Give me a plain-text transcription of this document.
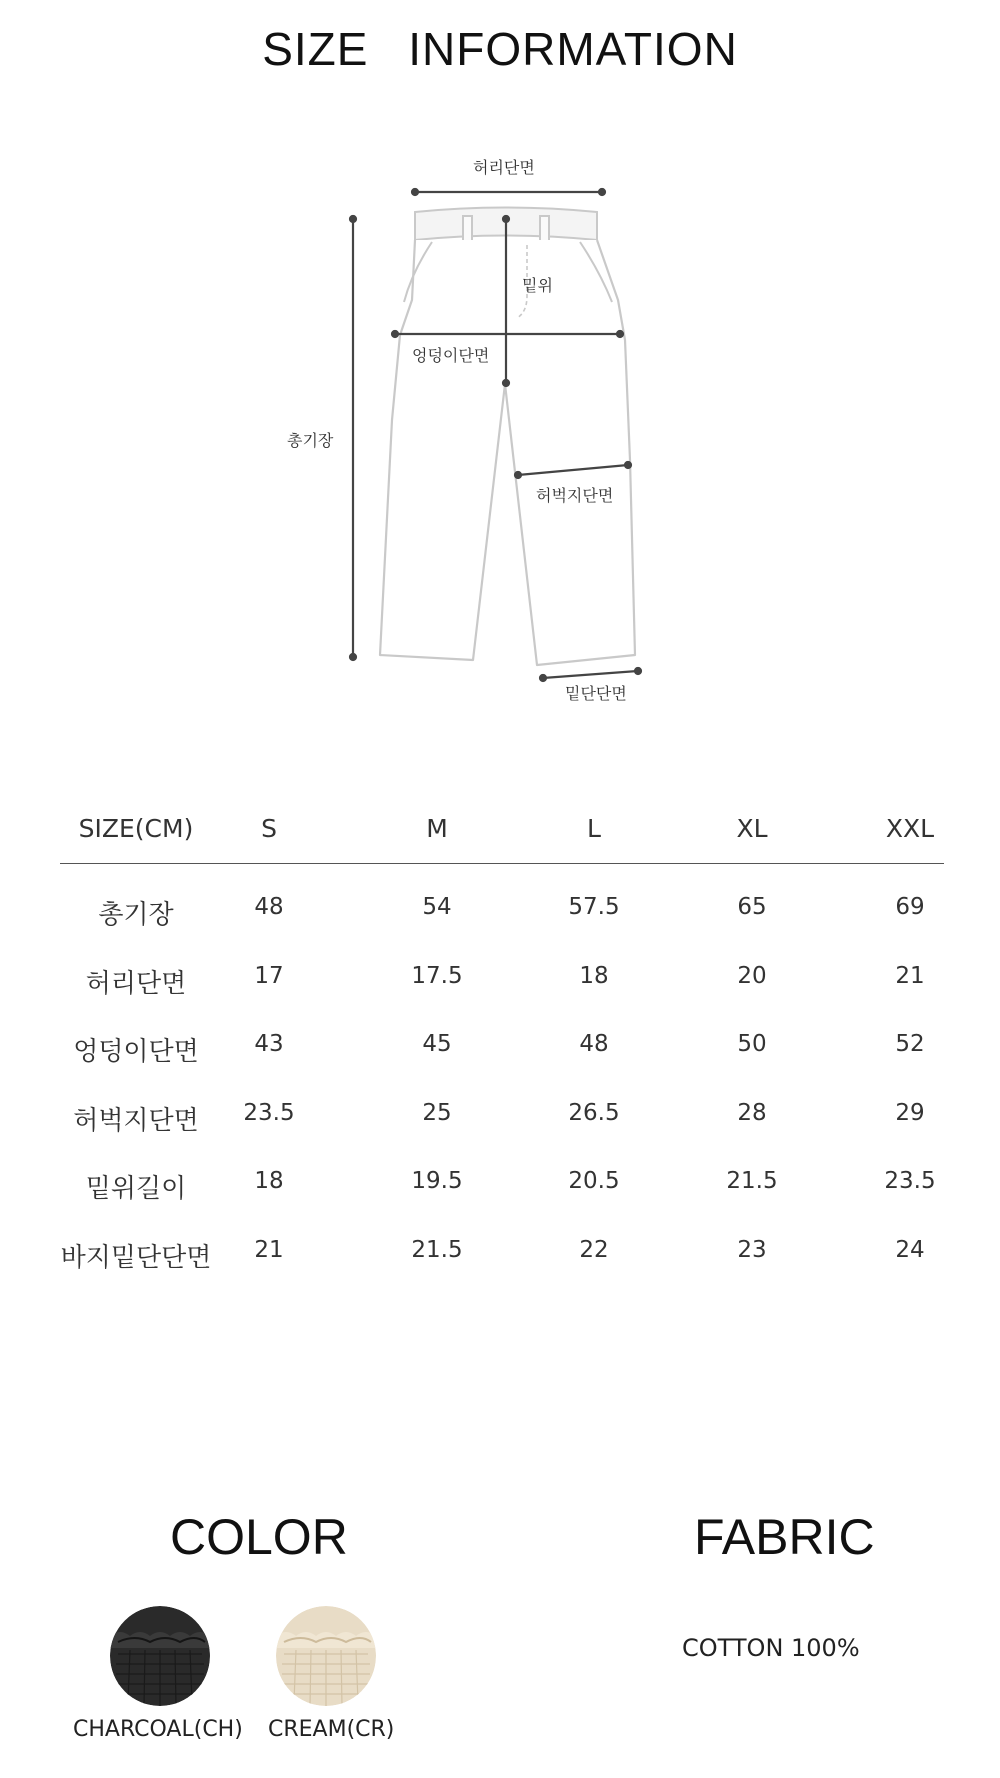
SIZE INFORMATION
허리단면
밑위
엉덩이단면
총기장
허벅지단면
밑단단면
SIZE(CM)	S	M	L	XL	XXL
총기장	48	54	57.5	65	69
허리단면	17	17.5	18	20	21
엉덩이단면	43	45	48	50	52
허벅지단면	23.5	25	26.5	28	29
밑위길이	18	19.5	20.5	21.5	23.5
바지밑단단면	21	21.5	22	23	24
COLOR	FABRIC
CHARCOAL(CH) CREAM(CR)
COTTON 100%
